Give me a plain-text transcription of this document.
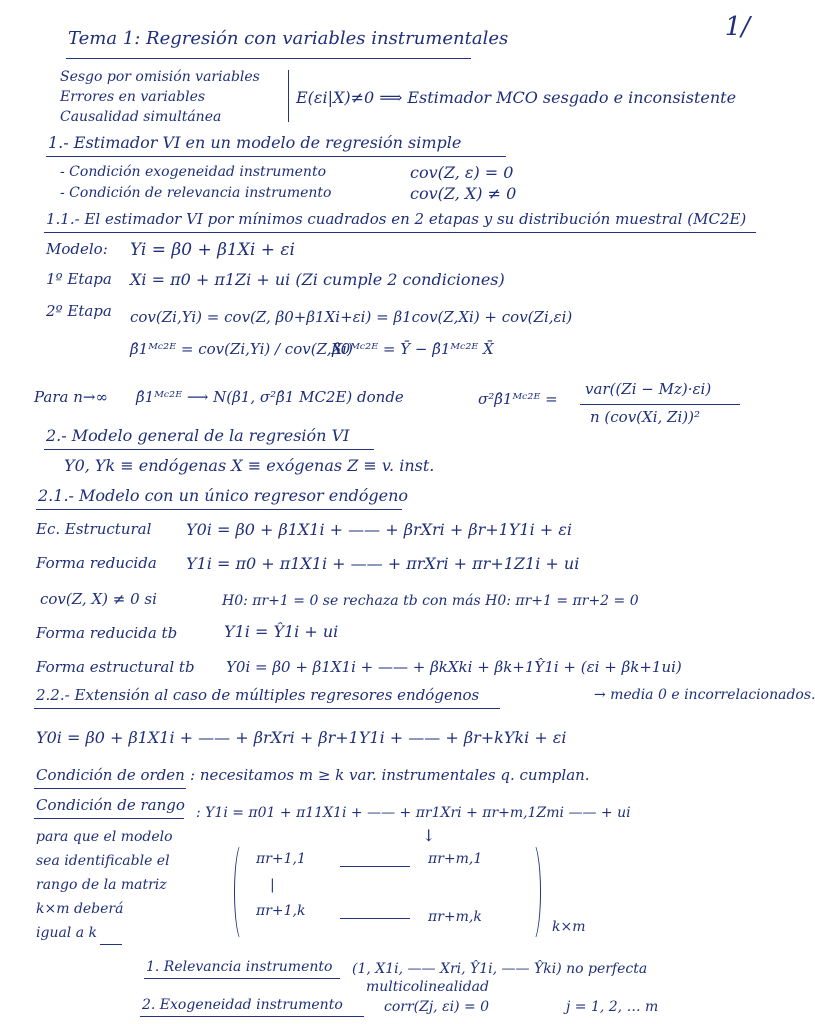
1/
Tema 1: Regresión con variables instrumentales
Sesgo por omisión variables
Errores en variables
Causalidad simultánea
E(εi|X)≠0 ⟹ Estimador MCO sesgado e inconsistente
1.- Estimador VI en un modelo de regresión simple
- Condición exogeneidad instrumento	cov(Z, ε) = 0
- Condición de relevancia instrumento	cov(Z, X) ≠ 0
1.1.- El estimador VI por mínimos cuadrados en 2 etapas y su distribución muestral (MC2E)
Modelo: Yi = β0 + β1Xi + εi
1º Etapa Xi = π0 + π1Zi + ui (Zi cumple 2 condiciones)
2º Etapa cov(Zi,Yi) = cov(Z, β0+β1Xi+εi) = β1cov(Z,Xi) + cov(Zi,εi)
β̂1ᴹᶜ²ᴱ = cov(Zi,Yi) / cov(Z,Xi)
β̂0ᴹᶜ²ᴱ = Ȳ − β̂1ᴹᶜ²ᴱ X̄
Para n→∞ β̂1ᴹᶜ²ᴱ ⟶ N(β1, σ²β̂1 MC2E) donde	σ²β̂1ᴹᶜ²ᴱ =
var((Zi − Mz)·εi)
n (cov(Xi, Zi))²
2.- Modelo general de la regresión VI
Y0, Yk ≡ endógenas X ≡ exógenas Z ≡ v. inst.
2.1.- Modelo con un único regresor endógeno
Ec. Estructural Y0i = β0 + β1X1i + —— + βrXri + βr+1Y1i + εi
Forma reducida Y1i = π0 + π1X1i + —— + πrXri + πr+1Z1i + ui
cov(Z, X) ≠ 0 si	H0: πr+1 = 0 se rechaza tb con más H0: πr+1 = πr+2 = 0
Forma reducida tb	Y1i = Ŷ1i + ui
Forma estructural tb Y0i = β0 + β1X1i + —— + βkXki + βk+1Ŷ1i + (εi + βk+1ui)
→ media 0 e incorrelacionados.
2.2.- Extensión al caso de múltiples regresores endógenos
Y0i = β0 + β1X1i + —— + βrXri + βr+1Y1i + —— + βr+kYki + εi
Condición de orden : necesitamos m ≥ k var. instrumentales q. cumplan.
Condición de rango : Y1i = π01 + π11X1i + —— + πr1Xri + πr+m,1Zmi —— + ui
↓
para que el modelo
sea identificable el
rango de la matriz
k×m deberá
igual a k
πr+1,1	πr+m,1
|
πr+1,k	πr+m,k
k×m
1. Relevancia instrumento (1, X1i, —— Xri, Ŷ1i, —— Ŷki) no perfecta
multicolinealidad
2. Exogeneidad instrumento	corr(Zj, εi) = 0	j = 1, 2, … m
